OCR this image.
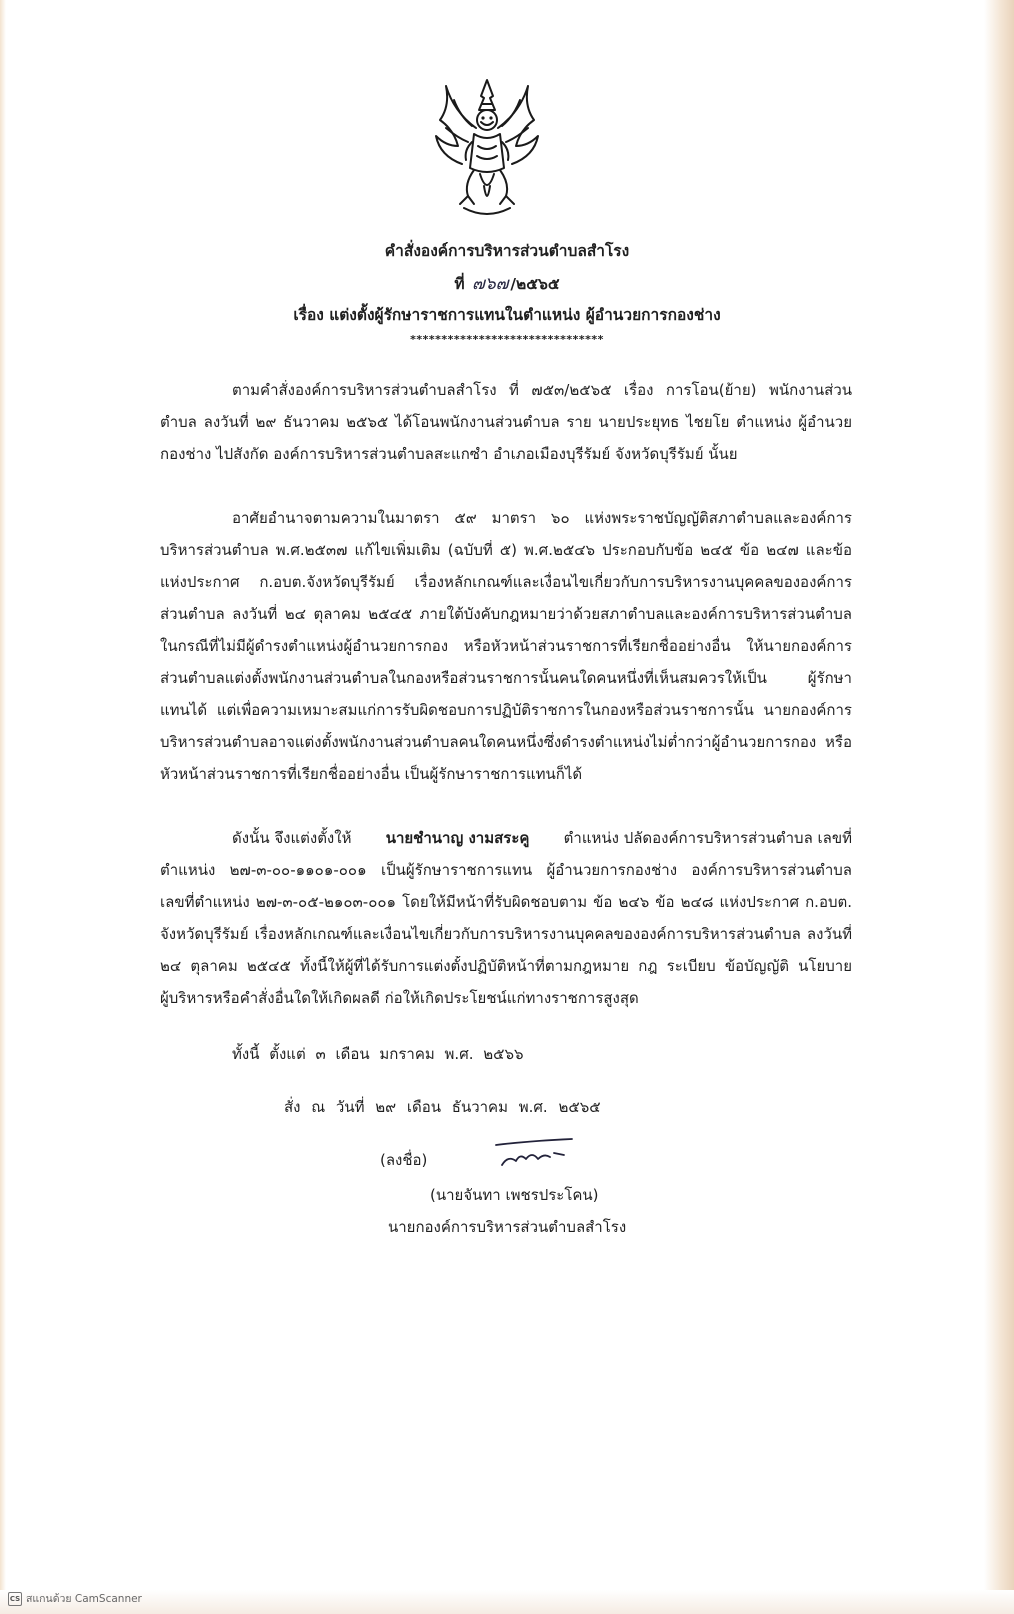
คำสั่งองค์การบริหารส่วนตำบลสำโรง
ที่ ๗๖๗ /๒๕๖๕
เรื่อง แต่งตั้งผู้รักษาราชการแทนในตำแหน่ง ผู้อำนวยการกองช่าง
*******************************
ตามคำสั่งองค์การบริหารส่วนตำบลสำโรง ที่ ๗๕๓/๒๕๖๕ เรื่อง การโอน(ย้าย) พนักงานส่วน
ตำบล ลงวันที่ ๒๙ ธันวาคม ๒๕๖๕ ได้โอนพนักงานส่วนตำบล ราย นายประยุทธ ไชยโย ตำแหน่ง ผู้อำนวย
กองช่าง ไปสังกัด องค์การบริหารส่วนตำบลสะแกซำ อำเภอเมืองบุรีรัมย์ จังหวัดบุรีรัมย์ นั้นย
อาศัยอำนาจตามความในมาตรา ๕๙ มาตรา ๖๐ แห่งพระราชบัญญัติสภาตำบลและองค์การ
บริหารส่วนตำบล พ.ศ.๒๕๓๗ แก้ไขเพิ่มเติม (ฉบับที่ ๕) พ.ศ.๒๕๔๖ ประกอบกับข้อ ๒๔๕ ข้อ ๒๔๗ และข้อ
แห่งประกาศ ก.อบต.จังหวัดบุรีรัมย์ เรื่องหลักเกณฑ์และเงื่อนไขเกี่ยวกับการบริหารงานบุคคลขององค์การ
ส่วนตำบล ลงวันที่ ๒๔ ตุลาคม ๒๕๔๕ ภายใต้บังคับกฎหมายว่าด้วยสภาตำบลและองค์การบริหารส่วนตำบล
ในกรณีที่ไม่มีผู้ดำรงตำแหน่งผู้อำนวยการกอง หรือหัวหน้าส่วนราชการที่เรียกชื่ออย่างอื่น ให้นายกองค์การ
ส่วนตำบลแต่งตั้งพนักงานส่วนตำบลในกองหรือส่วนราชการนั้นคนใดคนหนึ่งที่เห็นสมควรให้เป็น ผู้รักษา
แทนได้ แต่เพื่อความเหมาะสมแก่การรับผิดชอบการปฏิบัติราชการในกองหรือส่วนราชการนั้น นายกองค์การ
บริหารส่วนตำบลอาจแต่งตั้งพนักงานส่วนตำบลคนใดคนหนึ่งซึ่งดำรงตำแหน่งไม่ต่ำกว่าผู้อำนวยการกอง หรือ
หัวหน้าส่วนราชการที่เรียกชื่ออย่างอื่น เป็นผู้รักษาราชการแทนก็ได้
ดังนั้น จึงแต่งตั้งให้ นายชำนาญ งามสระคู ตำแหน่ง ปลัดองค์การบริหารส่วนตำบล เลขที่
ตำแหน่ง ๒๗-๓-๐๐-๑๑๐๑-๐๐๑ เป็นผู้รักษาราชการแทน ผู้อำนวยการกองช่าง องค์การบริหารส่วนตำบล
เลขที่ตำแหน่ง ๒๗-๓-๐๕-๒๑๐๓-๐๐๑ โดยให้มีหน้าที่รับผิดชอบตาม ข้อ ๒๔๖ ข้อ ๒๔๘ แห่งประกาศ ก.อบต.
จังหวัดบุรีรัมย์ เรื่องหลักเกณฑ์และเงื่อนไขเกี่ยวกับการบริหารงานบุคคลขององค์การบริหารส่วนตำบล ลงวันที่
๒๔ ตุลาคม ๒๕๔๕ ทั้งนี้ให้ผู้ที่ได้รับการแต่งตั้งปฏิบัติหน้าที่ตามกฎหมาย กฎ ระเบียบ ข้อบัญญัติ นโยบาย
ผู้บริหารหรือคำสั่งอื่นใดให้เกิดผลดี ก่อให้เกิดประโยชน์แก่ทางราชการสูงสุด
ทั้งนี้ ตั้งแต่ ๓ เดือน มกราคม พ.ศ. ๒๕๖๖
สั่ง ณ วันที่ ๒๙ เดือน ธันวาคม พ.ศ. ๒๕๖๕
(ลงชื่อ)
(นายจันทา เพชรประโคน)
นายกองค์การบริหารส่วนตำบลสำโรง
CS สแกนด้วย CamScanner
